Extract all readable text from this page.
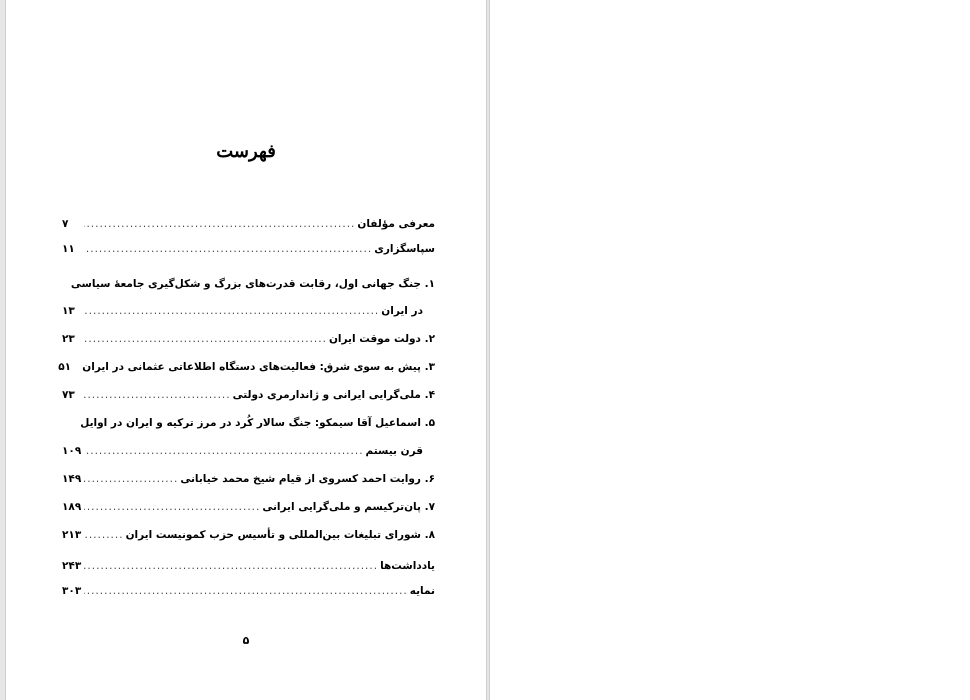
فهرست
معرفی مؤلفان
.....
۷
سپاسگزاری
.....
۱۱
۱. جنگ جهانی اول، رقابت قدرت‌های بزرگ و شکل‌گیری جامعۀ سیاسی
در ایران
.....
۱۳
۲. دولت موقت ایران
.....
۲۳
۳. پیش به سوی شرق: فعالیت‌های دستگاه اطلاعاتی عثمانی در ایران
۵۱
۴. ملی‌گرایی ایرانی و ژاندارمری دولتی
.....
۷۳
۵. اسماعیل آقا سیمکو: جنگ سالار کُرد در مرز ترکیه و ایران در اوایل
قرن بیستم
.....
۱۰۹
۶. روایت احمد کسروی از قیام شیخ محمد خیابانی
.....
۱۴۹
۷. پان‌ترکیسم و ملی‌گرایی ایرانی
.....
۱۸۹
۸. شورای تبلیغات بین‌المللی و تأسیس حزب کمونیست ایران
.....
۲۱۳
یادداشت‌ها
.....
۲۴۳
نمایه
.....
۳۰۳
۵
